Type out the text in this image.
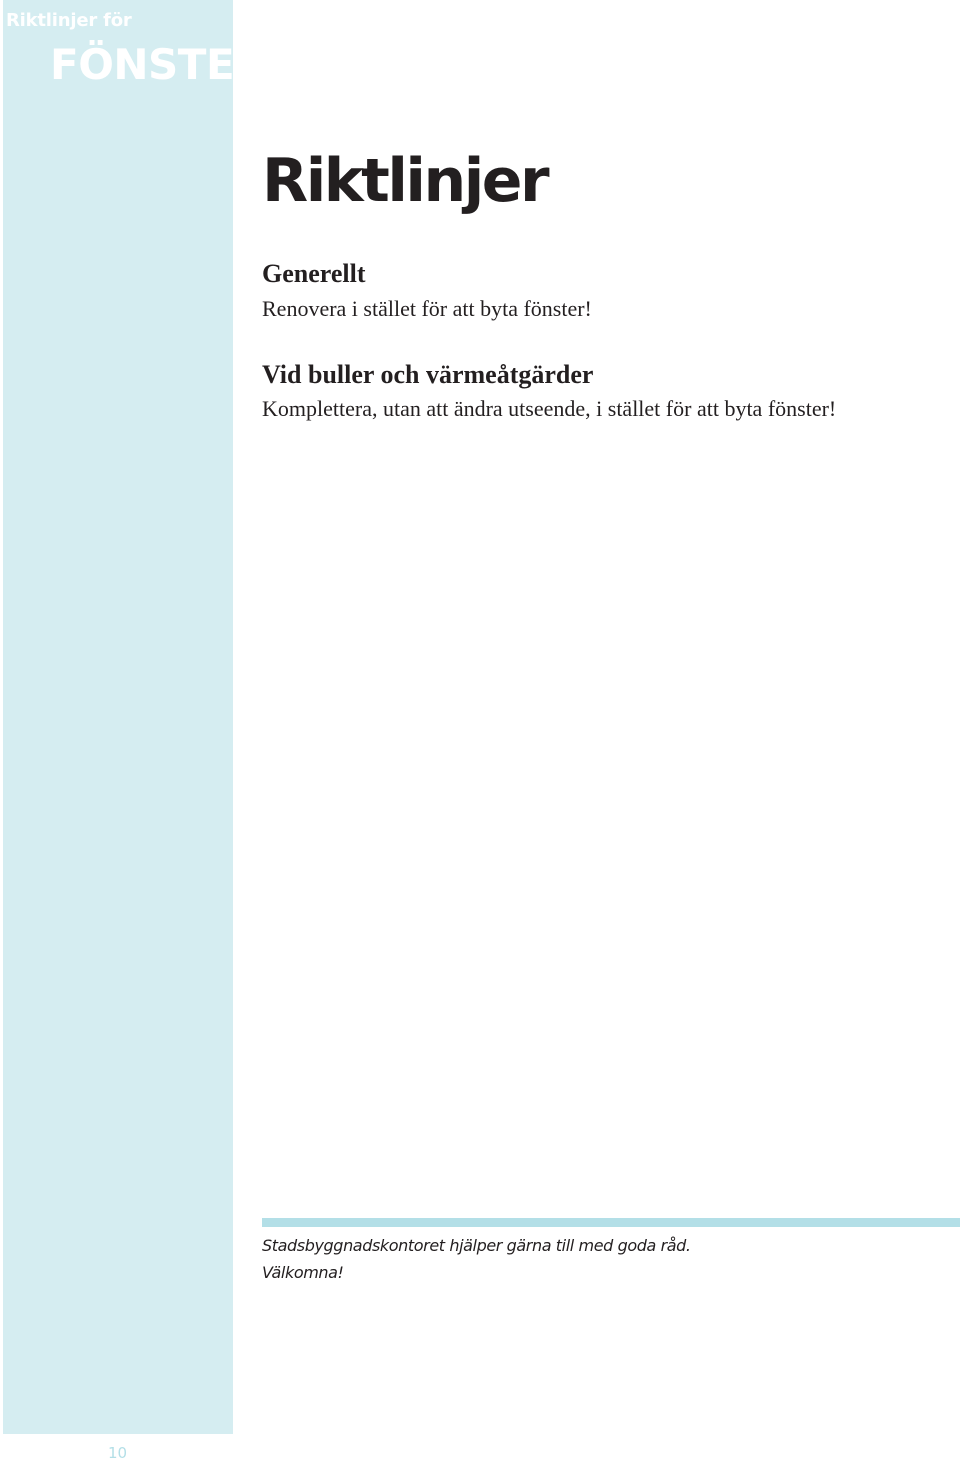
Riktlinjer för
FÖNSTER
Riktlinjer
Generellt

Renovera i stället för att byta fönster!

Vid buller och värmeåtgärder

Komplettera, utan att ändra utseende, i stället för att byta fönster!

Stadsbyggnadskontoret hjälper gärna till med goda råd.

Välkomna!

10
